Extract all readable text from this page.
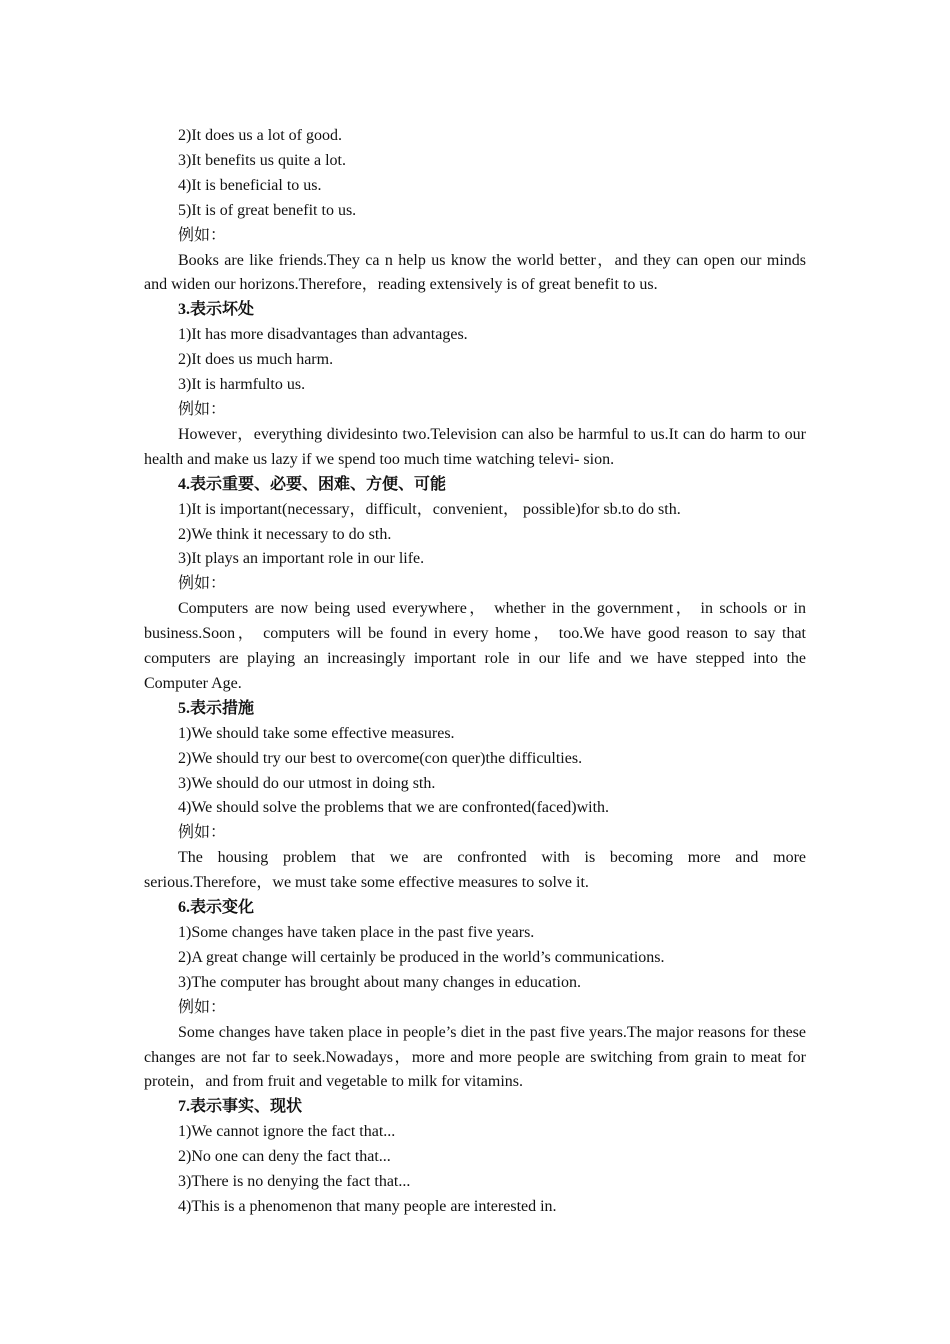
2)It does us a lot of good.
3)It benefits us quite a lot.
4)It is beneficial to us.
5)It is of great benefit to us.
例如：
Books are like friends.They ca n help us know the world better，and they can open our minds and widen our horizons.Therefore，reading extensively is of great benefit to us.
3.表示坏处
1)It has more disadvantages than advantages.
2)It does us much harm.
3)It is harmfulto us.
例如：
However，everything dividesinto two.Television can also be harmful to us.It can do harm to our health and make us lazy if we spend too much time watching televi- sion.
4.表示重要、必要、困难、方便、可能
1)It is important(necessary，difficult，convenient， possible)for sb.to do sth.
2)We think it necessary to do sth.
3)It plays an important role in our life.
例如：
Computers are now being used everywhere， whether in the government， in schools or in business.Soon， computers will be found in every home， too.We have good reason to say that computers are playing an increasingly important role in our life and we have stepped into the Computer Age.
5.表示措施
1)We should take some effective measures.
2)We should try our best to overcome(con quer)the difficulties.
3)We should do our utmost in doing sth.
4)We should solve the problems that we are confronted(faced)with.
例如：
The housing problem that we are confronted with is becoming more and more serious.Therefore，we must take some effective measures to solve it.
6.表示变化
1)Some changes have taken place in the past five years.
2)A great change will certainly be produced in the world’s communications.
3)The computer has brought about many changes in education.
例如：
Some changes have taken place in people’s diet in the past five years.The major reasons for these changes are not far to seek.Nowadays，more and more people are switching from grain to meat for protein，and from fruit and vegetable to milk for vitamins.
7.表示事实、现状
1)We cannot ignore the fact that...
2)No one can deny the fact that...
3)There is no denying the fact that...
4)This is a phenomenon that many people are interested in.
